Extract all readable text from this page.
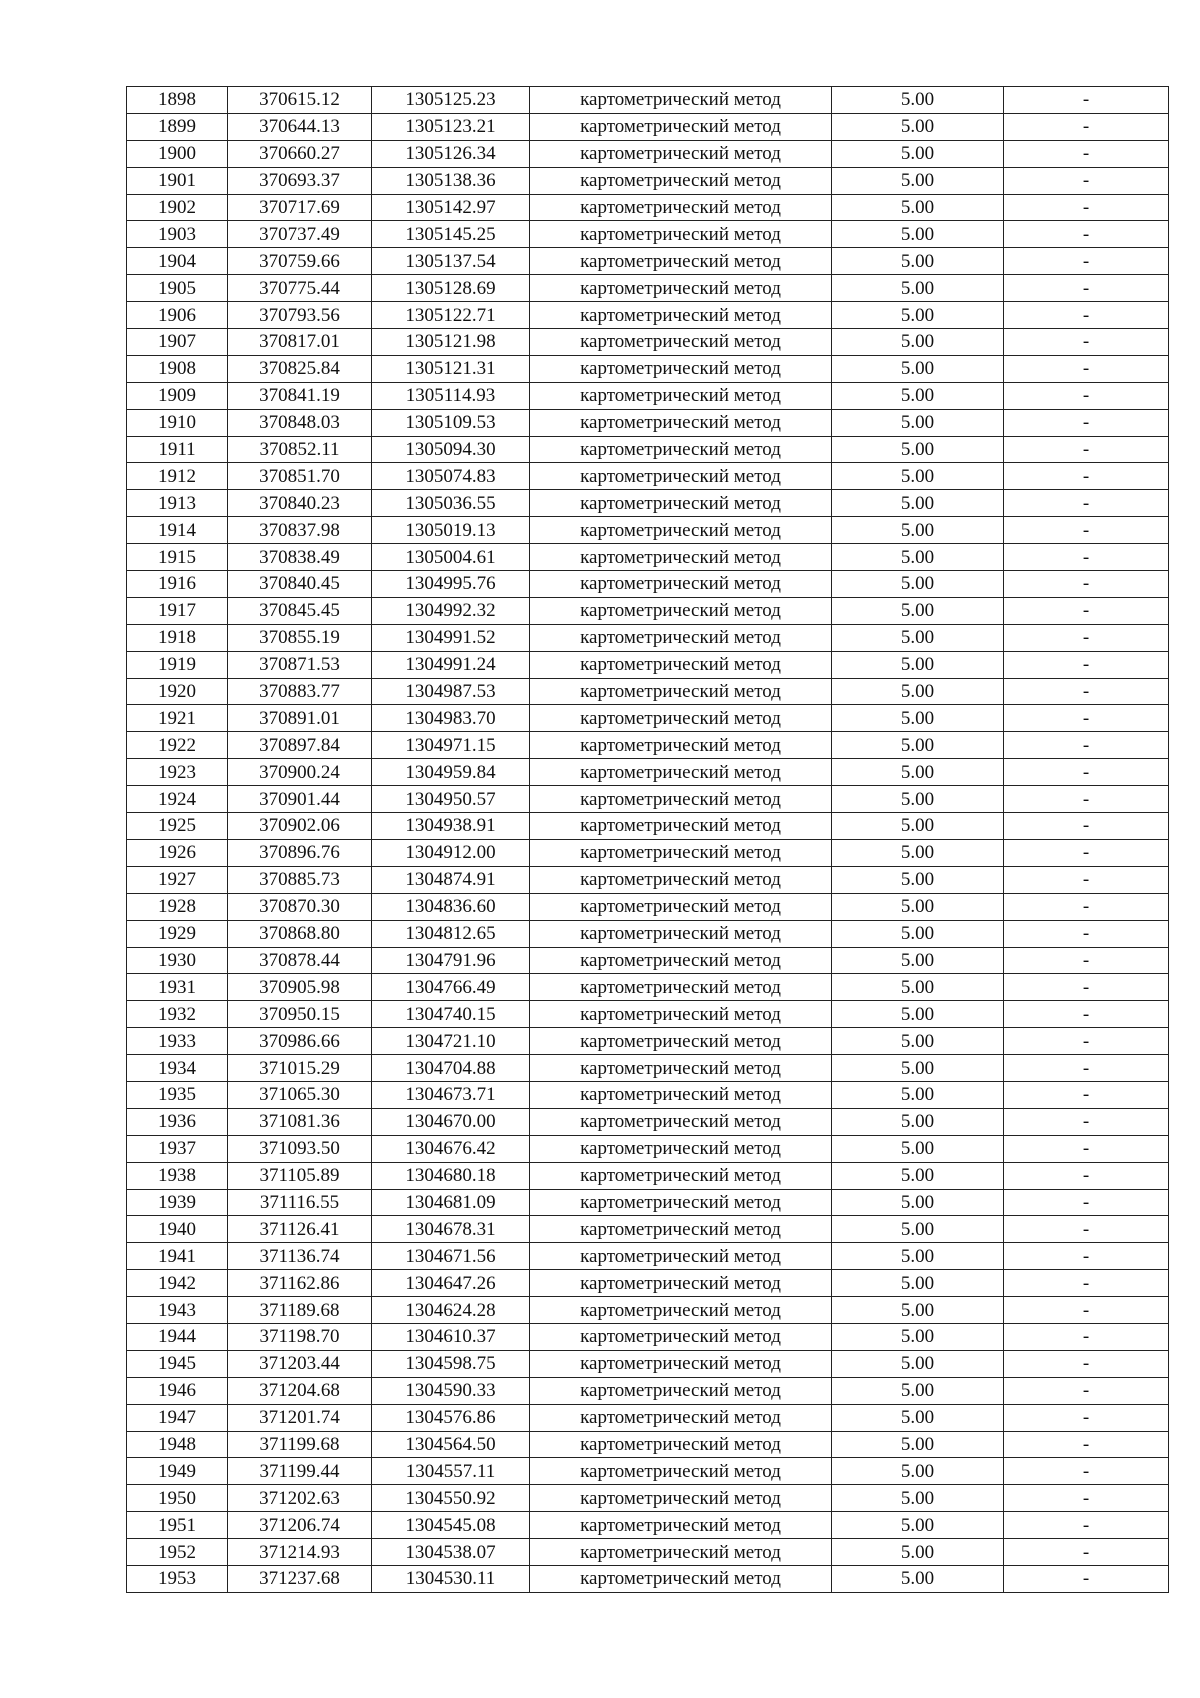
1898	370615.12	1305125.23	картометрический метод	5.00	-
1899	370644.13	1305123.21	картометрический метод	5.00	-
1900	370660.27	1305126.34	картометрический метод	5.00	-
1901	370693.37	1305138.36	картометрический метод	5.00	-
1902	370717.69	1305142.97	картометрический метод	5.00	-
1903	370737.49	1305145.25	картометрический метод	5.00	-
1904	370759.66	1305137.54	картометрический метод	5.00	-
1905	370775.44	1305128.69	картометрический метод	5.00	-
1906	370793.56	1305122.71	картометрический метод	5.00	-
1907	370817.01	1305121.98	картометрический метод	5.00	-
1908	370825.84	1305121.31	картометрический метод	5.00	-
1909	370841.19	1305114.93	картометрический метод	5.00	-
1910	370848.03	1305109.53	картометрический метод	5.00	-
1911	370852.11	1305094.30	картометрический метод	5.00	-
1912	370851.70	1305074.83	картометрический метод	5.00	-
1913	370840.23	1305036.55	картометрический метод	5.00	-
1914	370837.98	1305019.13	картометрический метод	5.00	-
1915	370838.49	1305004.61	картометрический метод	5.00	-
1916	370840.45	1304995.76	картометрический метод	5.00	-
1917	370845.45	1304992.32	картометрический метод	5.00	-
1918	370855.19	1304991.52	картометрический метод	5.00	-
1919	370871.53	1304991.24	картометрический метод	5.00	-
1920	370883.77	1304987.53	картометрический метод	5.00	-
1921	370891.01	1304983.70	картометрический метод	5.00	-
1922	370897.84	1304971.15	картометрический метод	5.00	-
1923	370900.24	1304959.84	картометрический метод	5.00	-
1924	370901.44	1304950.57	картометрический метод	5.00	-
1925	370902.06	1304938.91	картометрический метод	5.00	-
1926	370896.76	1304912.00	картометрический метод	5.00	-
1927	370885.73	1304874.91	картометрический метод	5.00	-
1928	370870.30	1304836.60	картометрический метод	5.00	-
1929	370868.80	1304812.65	картометрический метод	5.00	-
1930	370878.44	1304791.96	картометрический метод	5.00	-
1931	370905.98	1304766.49	картометрический метод	5.00	-
1932	370950.15	1304740.15	картометрический метод	5.00	-
1933	370986.66	1304721.10	картометрический метод	5.00	-
1934	371015.29	1304704.88	картометрический метод	5.00	-
1935	371065.30	1304673.71	картометрический метод	5.00	-
1936	371081.36	1304670.00	картометрический метод	5.00	-
1937	371093.50	1304676.42	картометрический метод	5.00	-
1938	371105.89	1304680.18	картометрический метод	5.00	-
1939	371116.55	1304681.09	картометрический метод	5.00	-
1940	371126.41	1304678.31	картометрический метод	5.00	-
1941	371136.74	1304671.56	картометрический метод	5.00	-
1942	371162.86	1304647.26	картометрический метод	5.00	-
1943	371189.68	1304624.28	картометрический метод	5.00	-
1944	371198.70	1304610.37	картометрический метод	5.00	-
1945	371203.44	1304598.75	картометрический метод	5.00	-
1946	371204.68	1304590.33	картометрический метод	5.00	-
1947	371201.74	1304576.86	картометрический метод	5.00	-
1948	371199.68	1304564.50	картометрический метод	5.00	-
1949	371199.44	1304557.11	картометрический метод	5.00	-
1950	371202.63	1304550.92	картометрический метод	5.00	-
1951	371206.74	1304545.08	картометрический метод	5.00	-
1952	371214.93	1304538.07	картометрический метод	5.00	-
1953	371237.68	1304530.11	картометрический метод	5.00	-
